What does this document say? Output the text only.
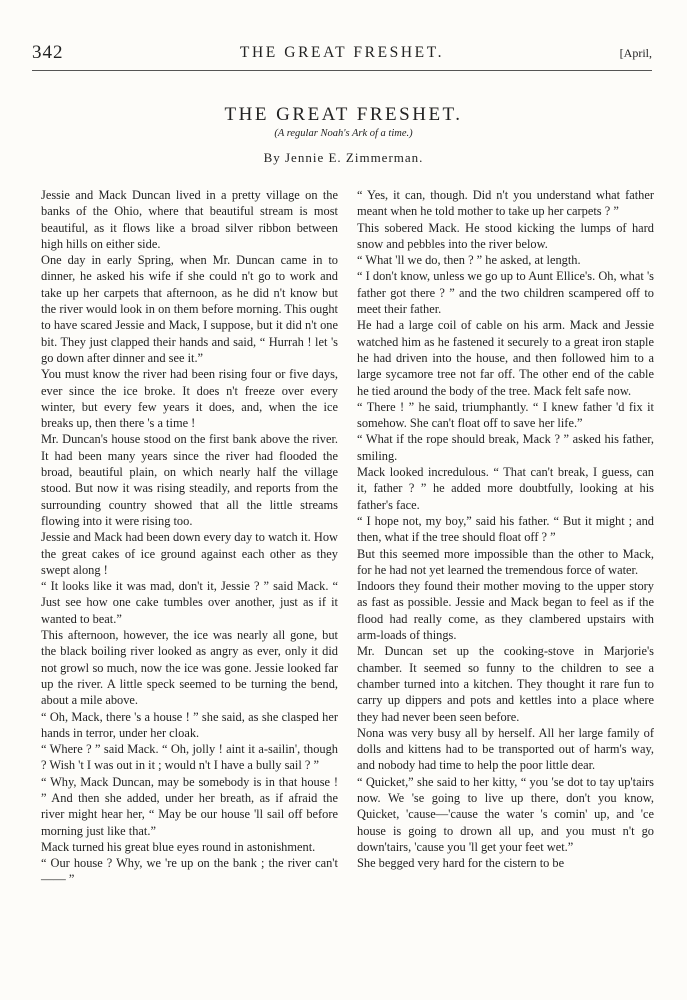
342	THE GREAT FRESHET.	[April,
THE GREAT FRESHET.
(A regular Noah's Ark of a time.)
By Jennie E. Zimmerman.

Jessie and Mack Duncan lived in a pretty village on the banks of the Ohio, where that beautiful stream is most beautiful, as it flows like a broad silver ribbon between high hills on either side.

One day in early Spring, when Mr. Duncan came in to dinner, he asked his wife if she could n't go to work and take up her carpets that afternoon, as he did n't know but the river would look in on them before morning. This ought to have scared Jessie and Mack, I suppose, but it did n't one bit. They just clapped their hands and said, “ Hurrah ! let 's go down after dinner and see it.”

You must know the river had been rising four or five days, ever since the ice broke. It does n't freeze over every winter, but every few years it does, and, when the ice breaks up, then there 's a time !

Mr. Duncan's house stood on the first bank above the river. It had been many years since the river had flooded the broad, beautiful plain, on which nearly half the village stood. But now it was rising steadily, and reports from the surrounding country showed that all the little streams flowing into it were rising too.

Jessie and Mack had been down every day to watch it. How the great cakes of ice ground against each other as they swept along !

“ It looks like it was mad, don't it, Jessie ? ” said Mack. “ Just see how one cake tumbles over another, just as if it wanted to beat.”

This afternoon, however, the ice was nearly all gone, but the black boiling river looked as angry as ever, only it did not growl so much, now the ice was gone. Jessie looked far up the river. A little speck seemed to be turning the bend, about a mile above.

“ Oh, Mack, there 's a house ! ” she said, as she clasped her hands in terror, under her cloak.

“ Where ? ” said Mack. “ Oh, jolly ! aint it a-sailin', though ? Wish 't I was out in it ; would n't I have a bully sail ? ”

“ Why, Mack Duncan, may be somebody is in that house ! ” And then she added, under her breath, as if afraid the river might hear her, “ May be our house 'll sail off before morning just like that.”

Mack turned his great blue eyes round in astonishment.

“ Our house ? Why, we 're up on the bank ; the river can't —— ”

“ Yes, it can, though. Did n't you understand what father meant when he told mother to take up her carpets ? ”

This sobered Mack. He stood kicking the lumps of hard snow and pebbles into the river below.

“ What 'll we do, then ? ” he asked, at length.

“ I don't know, unless we go up to Aunt Ellice's. Oh, what 's father got there ? ” and the two children scampered off to meet their father.

He had a large coil of cable on his arm. Mack and Jessie watched him as he fastened it securely to a great iron staple he had driven into the house, and then followed him to a large sycamore tree not far off. The other end of the cable he tied around the body of the tree. Mack felt safe now.

“ There ! ” he said, triumphantly. “ I knew father 'd fix it somehow. She can't float off to save her life.”

“ What if the rope should break, Mack ? ” asked his father, smiling.

Mack looked incredulous. “ That can't break, I guess, can it, father ? ” he added more doubtfully, looking at his father's face.

“ I hope not, my boy,” said his father. “ But it might ; and then, what if the tree should float off ? ”

But this seemed more impossible than the other to Mack, for he had not yet learned the tremendous force of water.

Indoors they found their mother moving to the upper story as fast as possible. Jessie and Mack began to feel as if the flood had really come, as they clambered upstairs with arm-loads of things.

Mr. Duncan set up the cooking-stove in Marjorie's chamber. It seemed so funny to the children to see a chamber turned into a kitchen. They thought it rare fun to carry up dippers and pots and kettles into a place where they had never been seen before.

Nona was very busy all by herself. All her large family of dolls and kittens had to be transported out of harm's way, and nobody had time to help the poor little dear.

“ Quicket,” she said to her kitty, “ you 'se dot to tay up'tairs now. We 'se going to live up there, don't you know, Quicket, 'cause—'cause the water 's comin' up, and 'ce house is going to drown all up, and you must n't go down'tairs, 'cause you 'll get your feet wet.”

She begged very hard for the cistern to be
